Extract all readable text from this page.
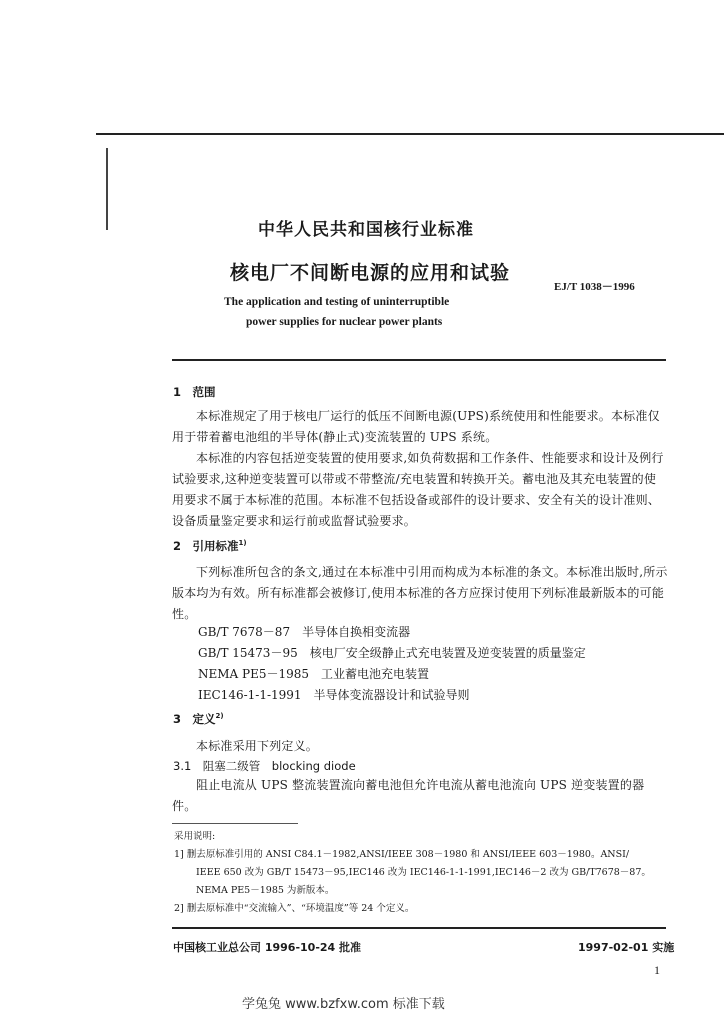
中华人民共和国核行业标准
核电厂不间断电源的应用和试验
EJ/T 1038－1996
The application and testing of uninterruptible
power supplies for nuclear power plants
1　范围

本标准规定了用于核电厂运行的低压不间断电源(UPS)系统使用和性能要求。本标准仅用于带着蓄电池组的半导体(静止式)变流装置的 UPS 系统。

本标准的内容包括逆变装置的使用要求,如负荷数据和工作条件、性能要求和设计及例行试验要求,这种逆变装置可以带或不带整流/充电装置和转换开关。蓄电池及其充电装置的使用要求不属于本标准的范围。本标准不包括设备或部件的设计要求、安全有关的设计准则、设备质量鉴定要求和运行前或监督试验要求。

2　引用标准$^{1)}$

下列标准所包含的条文,通过在本标准中引用而构成为本标准的条文。本标准出版时,所示版本均为有效。所有标准都会被修订,使用本标准的各方应探讨使用下列标准最新版本的可能性。

GB/T 7678－87　半导体自换相变流器
GB/T 15473－95　核电厂安全级静止式充电装置及逆变装置的质量鉴定
NEMA PE5－1985　工业蓄电池充电装置
IEC146-1-1-1991　半导体变流器设计和试验导则
3　定义$^{2)}$
本标准采用下列定义。
3.1　阻塞二级管　blocking diode

阻止电流从 UPS 整流装置流向蓄电池但允许电流从蓄电池流向 UPS 逆变装置的器件。

采用说明:
1] 删去原标准引用的 ANSI C84.1－1982,ANSI/IEEE 308－1980 和 ANSI/IEEE 603－1980。ANSI/
IEEE 650 改为 GB/T 15473－95,IEC146 改为 IEC146-1-1-1991,IEC146－2 改为 GB/T7678－87。
NEMA PE5－1985 为新版本。
2] 删去原标准中“交流输入”、“环境温度”等 24 个定义。
中国核工业总公司 1996-10-24 批准	1997-02-01 实施
1
学兔兔 www.bzfxw.com 标准下载
